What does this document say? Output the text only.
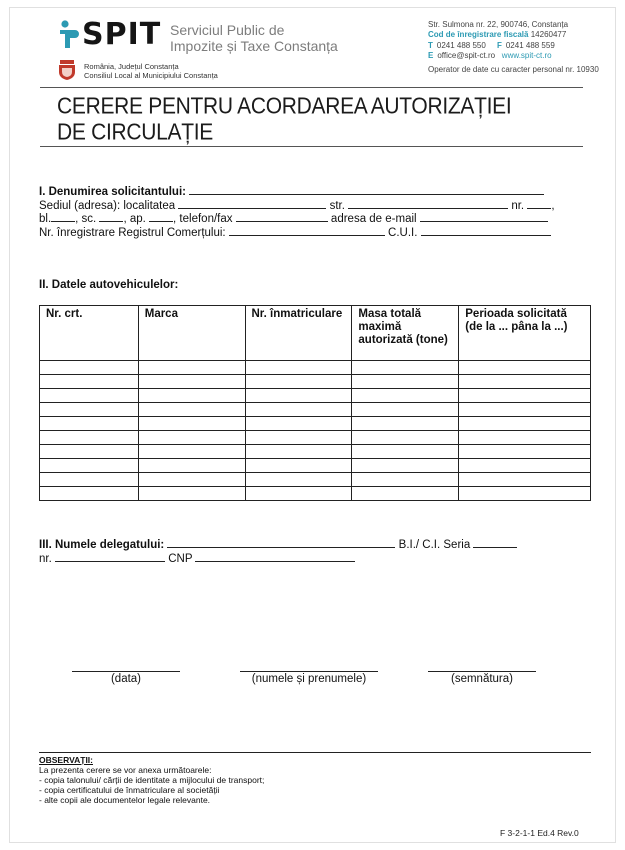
SPIT Serviciul Public de
Impozite și Taxe Constanța
România, Județul Constanța
Consiliul Local al Municipiului Constanța
Str. Sulmona nr. 22, 900746, Constanța
Cod de înregistrare fiscală 14260477
T 0241 488 550 F 0241 488 559
E office@spit-ct.ro www.spit-ct.ro
Operator de date cu caracter personal nr. 10930
CERERE PENTRU ACORDAREA AUTORIZAȚIEI
DE CIRCULAȚIE
I. Denumirea solicitantului:
Sediul (adresa): localitatea	str.	nr. ,
bl. , sc. , ap. , telefon/fax	adresa de e-mail
Nr. înregistrare Registrul Comerțului:	C.U.I.
II. Datele autovehiculelor:
Nr. crt.	Marca	Nr. înmatriculare	Masa totală maximă autorizată (tone)	Perioada solicitată (de la ... pâna la ...)

III. Numele delegatului:	B.I./ C.I. Seria
nr.	CNP
(data)	(numele și prenumele)	(semnătura)
OBSERVAȚII:
La prezenta cerere se vor anexa următoarele:
- copia talonului/ cărții de identitate a mijlocului de transport;
- copia certificatului de înmatriculare al societății
- alte copii ale documentelor legale relevante.
F 3-2-1-1 Ed.4 Rev.0
